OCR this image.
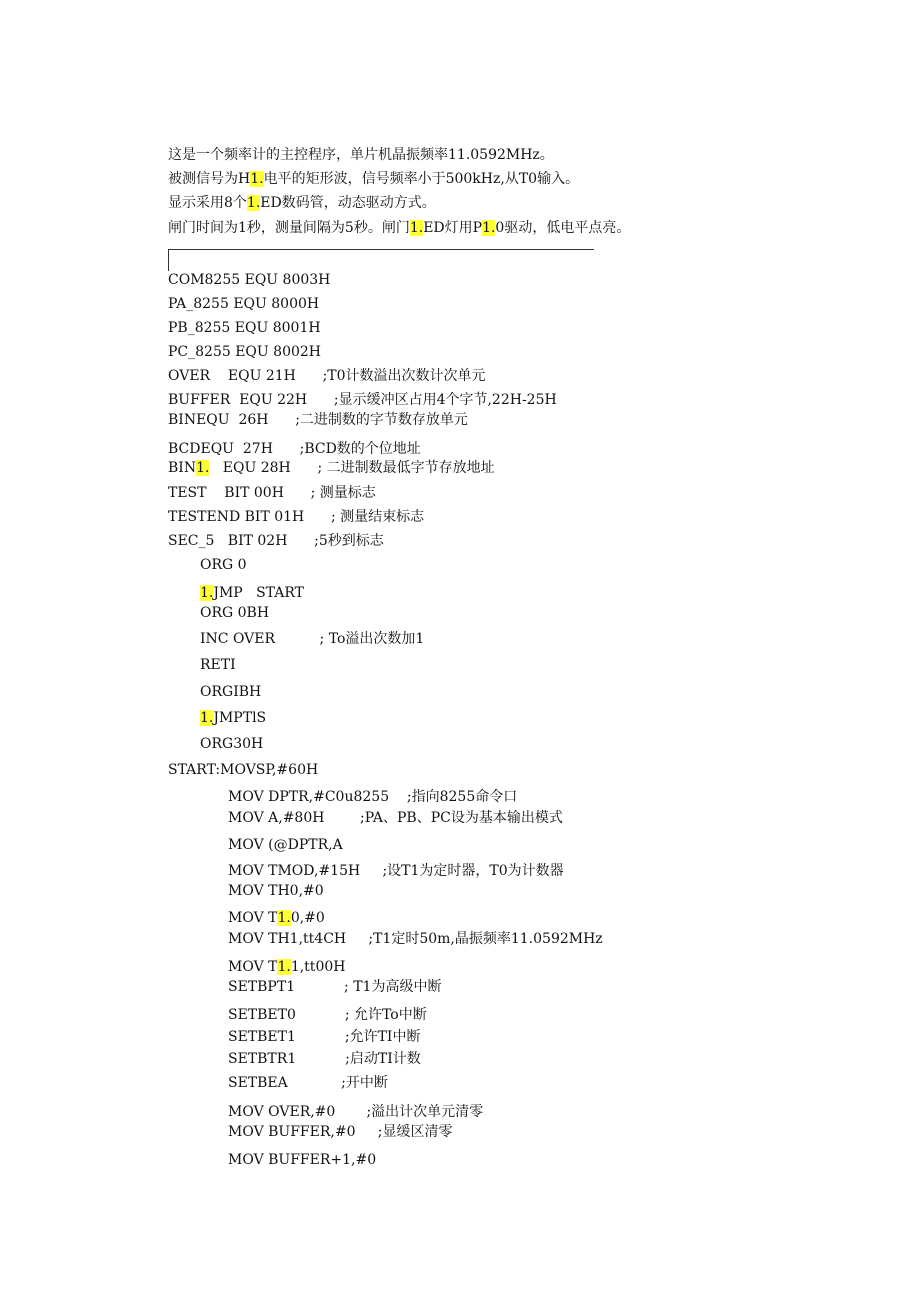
这是一个频率计的主控程序，单片机晶振频率11.0592MHz。
被测信号为H1.电平的矩形波，信号频率小于500kHz,从T0输入。
显示采用8个1.ED数码管，动态驱动方式。
闸门时间为1秒，测量间隔为5秒。闸门1.ED灯用P1.0驱动，低电平点亮。
COM8255 EQU 8003H
PA_8255 EQU 8000H
PB_8255 EQU 8001H
PC_8255 EQU 8002H
OVER    EQU 21H      ;T0计数溢出次数计次单元
BUFFER  EQU 22H      ;显示缓冲区占用4个字节,22H-25H
BINEQU  26H      ;二进制数的字节数存放单元
BCDEQU  27H      ;BCD数的个位地址
BIN1.   EQU 28H      ; 二进制数最低字节存放地址
TEST    BIT 00H      ; 测量标志
TESTEND BIT 01H      ; 测量结束标志
SEC_5   BIT 02H      ;5秒到标志
ORG 0
1.JMP   START
ORG 0BH
INC OVER          ; To溢出次数加1
RETI
ORGIBH
1.JMPTlS
ORG30H
START:MOVSP,#60H
MOV DPTR,#C0u8255    ;指向8255命令口
MOV A,#80H        ;PA、PB、PC设为基本输出模式
MOV (@DPTR,A
MOV TMOD,#15H     ;设T1为定时器，T0为计数器
MOV TH0,#0
MOV T1.0,#0
MOV TH1,tt4CH     ;T1定时50m,晶振频率11.0592MHz
MOV T1.1,tt00H
SETBPT1           ; T1为高级中断
SETBET0           ; 允许To中断
SETBET1           ;允许TI中断
SETBTR1           ;启动TI计数
SETBEA            ;开中断
MOV OVER,#0       ;溢出计次单元清零
MOV BUFFER,#0     ;显缓区清零
MOV BUFFER+1,#0
